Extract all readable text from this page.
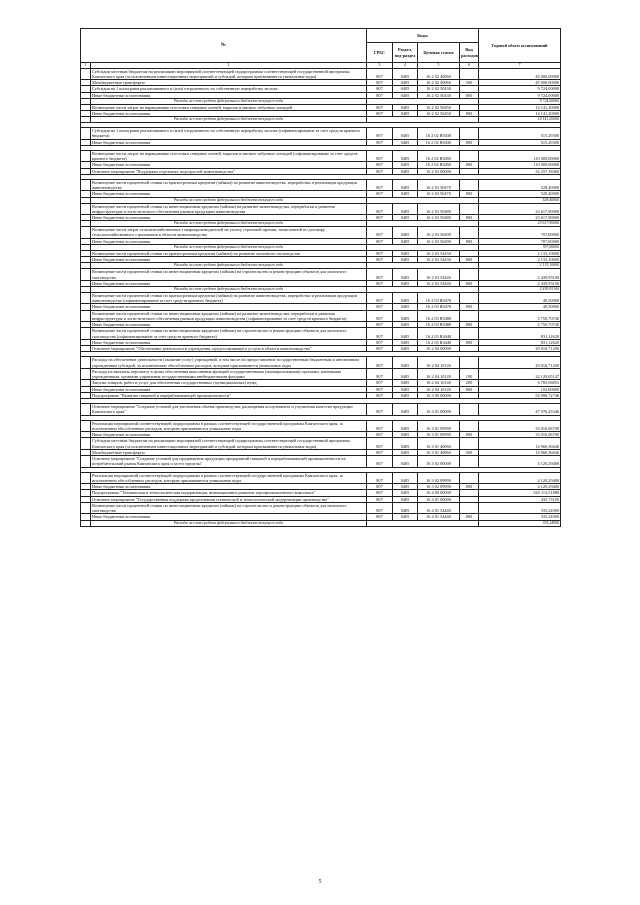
№		Коды				Годовой объем ассигнований
		ГРБС	Раздел, под-раздел	Целевая статья	Вид расходов	
1	2	3	4	5	6	7
	Субсидии местным бюджетам на реализацию мероприятий соответствующей подпрограммы соответствующей государственной программы Камчатского края (за исключением инвестиционных мероприятий и субсидий, которым присваиваются уникальные коды)	807	0405	16 2 02 40060		45 000,00000
	Межбюджетные трансферты	807	0405	16 2 02 40060	500	45 000,00000
	Субсидия на 1 килограмм реализованного и (или) отгруженного на собственную переработку молока	807	0405	16 2 02 50430		9 724,00000
	Иные бюджетные ассигнования	807	0405	16 2 02 50430	800	9 724,00000
	Расходы за счет средств федерального бюджета текущего года					9 724,00000
	Возмещение части затрат на наращивание поголовья северных оленей, маралов и мясных табунных лошадей	807	0405	16 2 02 50450		14 141,20000
	Иные бюджетные ассигнования	807	0405	16 2 02 50450	800	14 141,20000
	Расходы за счет средств федерального бюджета текущего года					14 141,20000

	Субсидия на 1 килограмм реализованного и (или) отгруженного на собственную переработку молока (софинансирование за счет средств краевого бюджета)	807	0405	16 2 02 R0430		515,29300
	Иные бюджетные ассигнования	807	0405	16 2 02 R0430	800	515,29300

	Возмещение части затрат на наращивание поголовья северных оленей, маралов и мясных табунных лошадей (софинансирование за счет средств краевого бюджета)	807	0405	16 2 02 R0450		110 000,00000
	Иные бюджетные ассигнования	807	0405	16 2 02 R0450	800	110 000,00000
	Основное мероприятие "Поддержка отдельных подотраслей животноводства"	807	0405	16 2 03 00000		32 257,18460

	Возмещение части процентной ставки по краткосрочным кредитам (займам) на развитие животноводства, переработки и реализации продукции животноводства	807	0405	16 2 03 50470		528,40000
	Иные бюджетные ассигнования	807	0405	16 2 03 50470	800	528,40000
	Расходы за счет средств федерального бюджета текущего года					528,40000
	Возмещение части процентной ставки по инвестиционным кредитам (займам) на развитие животноводства, переработки и развития инфраструктуры и логистического обеспечения рынков продукции животноводства	807	0405	16 2 03 50480		23 617,90000
	Иные бюджетные ассигнования	807	0405	16 2 03 50480	800	23 617,90000
	Расходы за счет средств федерального бюджета текущего года					23 617,90000
	Возмещение части затрат сельскохозяйственных товаропроизводителей на уплату страховой премии, начисленной по договору сельскохозяйственного страхования в области животноводства	807	0405	16 2 03 50490		707,00000
	Иные бюджетные ассигнования	807	0405	16 2 03 50490	800	707,00000
	Расходы за счет средств федерального бюджета текущего года					707,00000
	Возмещение части процентной ставки по краткосрочным кредитам (займам) на развитие молочного скотоводства	807	0405	16 2 03 54430		2 133,10000
	Иные бюджетные ассигнования	807	0405	16 2 03 54430	800	2 133,10000
	Расходы за счет средств федерального бюджета текущего года					2 133,10000
	Возмещение части процентной ставки по инвестиционным кредитам (займам) на строительство и реконструкцию объектов для молочного скотоводства	807	0405	16 2 03 54440		2 439,95100
	Иные бюджетные ассигнования	807	0405	16 2 03 54440	800	2 439,95100
	Расходы за счет средств федерального бюджета текущего года					2 439,95100
	Возмещение части процентной ставки по краткосрочным кредитам (займам) на развитие животноводства, переработки и реализации продукции животноводства (софинансирование за счет средств краевого бюджета)	807	0405	16 2 03 R0470		49,50000
	Иные бюджетные ассигнования	807	0405	16 2 03 R0470	800	49,50000
	Возмещение части процентной ставки по инвестиционным кредитам (займам) на развитие животноводства, переработки и развития инфраструктуры и логистического обеспечения рынков продукции животноводства (софинансирование за счет средств краевого бюджета)	807	0405	16 2 03 R0480		3 750,70740
	Иные бюджетные ассигнования	807	0405	16 2 03 R0480	800	3 750,70740
	Возмещение части процентной ставки по инвестиционным кредитам (займам) на строительство и реконструкцию объектов для молочного скотоводства (софинансирование за счет средств краевого бюджета)	807	0405	16 2 03 R4440		831,12620
	Иные бюджетные ассигнования	807	0405	16 2 03 R4440	800	831,12620
	Основное мероприятие "Обеспечение деятельности учреждения, предоставляющего услуги в области животноводства"	807	0405	16 2 04 00000		29 016,71200

	Расходы на обеспечение деятельности (оказание услуг) учреждений, в том числе на предоставление государственным бюджетным и автономным учреждениям субсидий, за исключением обособленных расходов, которым присваиваются уникальные коды	807	0405	16 2 04 10140		29 016,71200
	Расходы на выплаты персоналу в целях обеспечения выполнения функций государственными (муниципальными) органами, казенными учреждениями, органами управления государственными внебюджетными фондами	807	0405	16 2 04 10140	100	22 129,65147
	Закупка товаров, работ и услуг для обеспечения государственных (муниципальных) нужд	807	0405	16 2 04 10140	200	6 785,06053
	Иные бюджетные ассигнования	807	0405	16 2 04 10140	800	102,00000
	Подпрограмма "Развитие пищевой и перерабатывающей промышленности"	807	0405	16 3 00 00000		52 096,72746

	Основное мероприятие "Создание условий для увеличения объема производства, расширения ассортимента и улучшения качества продукции Камчатского края"	807	0405	16 3 01 00000		47 976,43346

	Реализация мероприятий соответствующей подпрограммы в рамках соответствующей государственной программы Камчатского края, за исключением обособленных расходов, которым присваиваются уникальные коды	807	0405	16 3 01 09990		33 016,06700
	Иные бюджетные ассигнования	807	0405	16 3 01 09990	800	33 016,06700
	Субсидии местным бюджетам на реализацию мероприятий соответствующей подпрограммы соответствующей государственной программы Камчатского края (за исключением инвестиционных мероприятий и субсидий, которым присваиваются уникальные коды)	807	0405	16 3 01 40060		14 960,36646
	Межбюджетные трансферты	807	0405	16 3 01 40060	500	14 960,36646
	Основное мероприятие "Создание условий для продвижения продукции предприятий пищевой и перерабатывающей промышленности на потребительский рынок Камчатского края и за его пределы"	807	0405	16 3 02 00000		4 120,29400

	Реализация мероприятий соответствующей подпрограммы в рамках соответствующей государственной программы Камчатского края, за исключением обособленных расходов, которым присваиваются уникальные коды	807	0405	16 3 02 09990		4 120,29400
	Иные бюджетные ассигнования	807	0405	16 3 02 09990	800	4 120,29400
	Подпрограмма "Техническая и технологическая модернизация, инновационное развитие агропромышленного комплекса"	807	0405	16 4 00 00000		345 113,51888
	Основное мероприятие "Государственная поддержка кредитования технической и технологической модернизации производства"	807	0405	16 4 01 00000		435,73100
	Возмещение части процентной ставки по инвестиционным кредитам (займам) на строительство и реконструкцию объектов для молочного скотоводства	807	0405	16 4 01 54440		335,24900
	Иные бюджетные ассигнования	807	0405	16 4 01 54440	800	335,24900
	Расходы за счет средств федерального бюджета текущего года					335,24900
5
